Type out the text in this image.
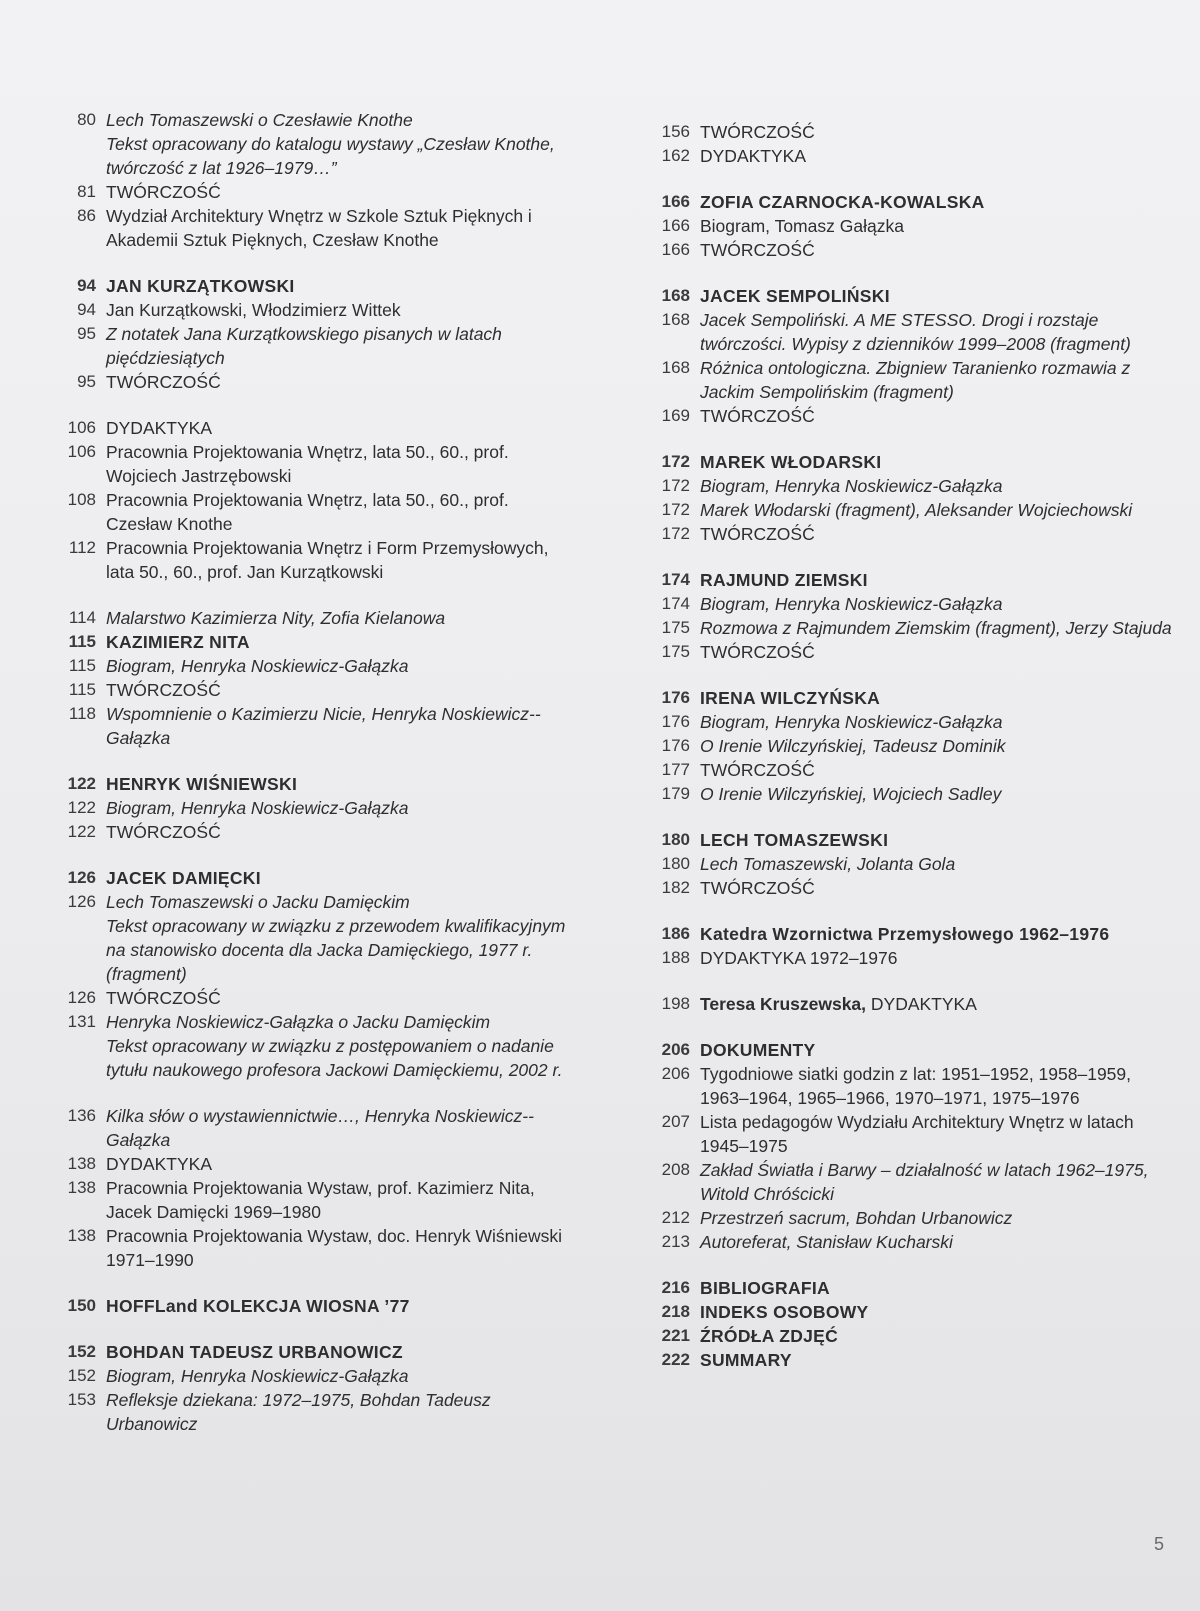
80 Lech Tomaszewski o Czesławie Knothe
Tekst opracowany do katalogu wystawy „Czesław Knothe, twórczość z lat 1926–1979…”
81 TWÓRCZOŚĆ
86 Wydział Architektury Wnętrz w Szkole Sztuk Pięknych i Akademii Sztuk Pięknych, Czesław Knothe
94 JAN KURZĄTKOWSKI
94 Jan Kurzątkowski, Włodzimierz Wittek
95 Z notatek Jana Kurzątkowskiego pisanych w latach pięćdziesiątych
95 TWÓRCZOŚĆ
106 DYDAKTYKA
106 Pracownia Projektowania Wnętrz, lata 50., 60., prof. Wojciech Jastrzębowski
108 Pracownia Projektowania Wnętrz, lata 50., 60., prof. Czesław Knothe
112 Pracownia Projektowania Wnętrz i Form Przemysłowych, lata 50., 60., prof. Jan Kurzątkowski
114 Malarstwo Kazimierza Nity, Zofia Kielanowa
115 KAZIMIERZ NITA
115 Biogram, Henryka Noskiewicz-Gałązka
115 TWÓRCZOŚĆ
118 Wspomnienie o Kazimierzu Nicie, Henryka Noskiewicz--Gałązka
122 HENRYK WIŚNIEWSKI
122 Biogram, Henryka Noskiewicz-Gałązka
122 TWÓRCZOŚĆ
126 JACEK DAMIĘCKI
126 Lech Tomaszewski o Jacku Damięckim
Tekst opracowany w związku z przewodem kwalifikacyjnym na stanowisko docenta dla Jacka Damięckiego, 1977 r. (fragment)
126 TWÓRCZOŚĆ
131 Henryka Noskiewicz-Gałązka o Jacku Damięckim
Tekst opracowany w związku z postępowaniem o nadanie tytułu naukowego profesora Jackowi Damięckiemu, 2002 r.
136 Kilka słów o wystawiennictwie…, Henryka Noskiewicz--Gałązka
138 DYDAKTYKA
138 Pracownia Projektowania Wystaw, prof. Kazimierz Nita, Jacek Damięcki 1969–1980
138 Pracownia Projektowania Wystaw, doc. Henryk Wiśniewski 1971–1990
150 HOFFLand KOLEKCJA WIOSNA ’77
152 BOHDAN TADEUSZ URBANOWICZ
152 Biogram, Henryka Noskiewicz-Gałązka
153 Refleksje dziekana: 1972–1975, Bohdan Tadeusz Urbanowicz
156 TWÓRCZOŚĆ
162 DYDAKTYKA
166 ZOFIA CZARNOCKA-KOWALSKA
166 Biogram, Tomasz Gałązka
166 TWÓRCZOŚĆ
168 JACEK SEMPOLIŃSKI
168 Jacek Sempoliński. A ME STESSO. Drogi i rozstaje twórczości. Wypisy z dzienników 1999–2008 (fragment)
168 Różnica ontologiczna. Zbigniew Taranienko rozmawia z Jackim Sempolińskim (fragment)
169 TWÓRCZOŚĆ
172 MAREK WŁODARSKI
172 Biogram, Henryka Noskiewicz-Gałązka
172 Marek Włodarski (fragment), Aleksander Wojciechowski
172 TWÓRCZOŚĆ
174 RAJMUND ZIEMSKI
174 Biogram, Henryka Noskiewicz-Gałązka
175 Rozmowa z Rajmundem Ziemskim (fragment), Jerzy Stajuda
175 TWÓRCZOŚĆ
176 IRENA WILCZYŃSKA
176 Biogram, Henryka Noskiewicz-Gałązka
176 O Irenie Wilczyńskiej, Tadeusz Dominik
177 TWÓRCZOŚĆ
179 O Irenie Wilczyńskiej, Wojciech Sadley
180 LECH TOMASZEWSKI
180 Lech Tomaszewski, Jolanta Gola
182 TWÓRCZOŚĆ
186 Katedra Wzornictwa Przemysłowego 1962–1976
188 DYDAKTYKA 1972–1976
198 Teresa Kruszewska, DYDAKTYKA
206 DOKUMENTY
206 Tygodniowe siatki godzin z lat: 1951–1952, 1958–1959, 1963–1964, 1965–1966, 1970–1971, 1975–1976
207 Lista pedagogów Wydziału Architektury Wnętrz w latach 1945–1975
208 Zakład Światła i Barwy – działalność w latach 1962–1975, Witold Chróścicki
212 Przestrzeń sacrum, Bohdan Urbanowicz
213 Autoreferat, Stanisław Kucharski
216 BIBLIOGRAFIA
218 INDEKS OSOBOWY
221 ŹRÓDŁA ZDJĘĆ
222 SUMMARY
5
